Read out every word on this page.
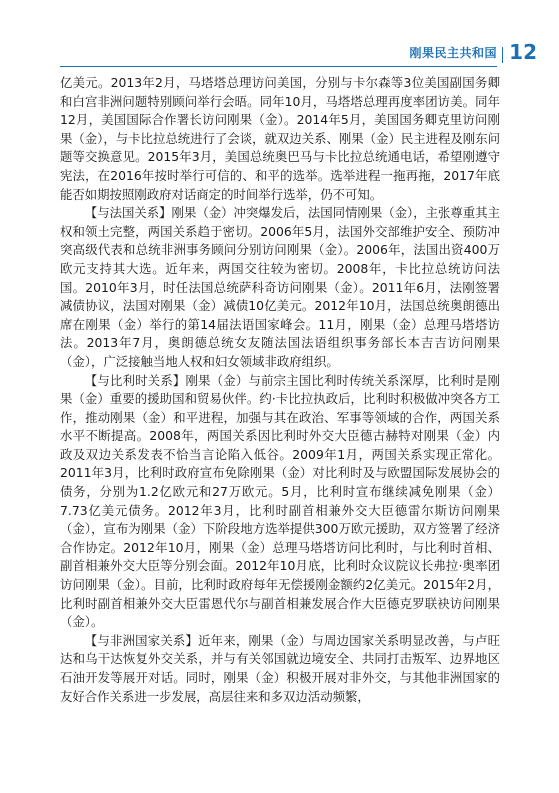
刚果民主共和国 12

亿美元。2013年2月，马塔塔总理访问美国，分别与卡尔森等3位美国副国务卿和白宫非洲问题特别顾问举行会晤。同年10月，马塔塔总理再度率团访美。同年12月，美国国际合作署长访问刚果（金）。2014年5月，美国国务卿克里访问刚果（金），与卡比拉总统进行了会谈，就双边关系、刚果（金）民主进程及刚东问题等交换意见。2015年3月，美国总统奥巴马与卡比拉总统通电话，希望刚遵守宪法，在2016年按时举行可信的、和平的选举。选举进程一拖再拖，2017年底能否如期按照刚政府对话商定的时间举行选举，仍不可知。

【与法国关系】刚果（金）冲突爆发后，法国同情刚果（金），主张尊重其主权和领土完整，两国关系趋于密切。2006年5月，法国外交部维护安全、预防冲突高级代表和总统非洲事务顾问分别访问刚果（金）。2006年，法国出资400万欧元支持其大选。近年来，两国交往较为密切。2008年，卡比拉总统访问法国。2010年3月，时任法国总统萨科奇访问刚果（金）。2011年6月，法刚签署减债协议，法国对刚果（金）减债10亿美元。2012年10月，法国总统奥朗德出席在刚果（金）举行的第14届法语国家峰会。11月，刚果（金）总理马塔塔访法。2013年7月，奥朗德总统女友随法国法语组织事务部长本吉吉访问刚果（金），广泛接触当地人权和妇女领域非政府组织。

【与比利时关系】刚果（金）与前宗主国比利时传统关系深厚，比利时是刚果（金）重要的援助国和贸易伙伴。约·卡比拉执政后，比利时积极做冲突各方工作，推动刚果（金）和平进程，加强与其在政治、军事等领域的合作，两国关系水平不断提高。2008年，两国关系因比利时外交大臣德古赫特对刚果（金）内政及双边关系发表不恰当言论陷入低谷。2009年1月，两国关系实现正常化。2011年3月，比利时政府宣布免除刚果（金）对比利时及与欧盟国际发展协会的债务，分别为1.2亿欧元和27万欧元。5月，比利时宣布继续减免刚果（金）7.73亿美元债务。2012年3月，比利时副首相兼外交大臣德雷尔斯访问刚果（金），宣布为刚果（金）下阶段地方选举提供300万欧元援助，双方签署了经济合作协定。2012年10月，刚果（金）总理马塔塔访问比利时，与比利时首相、副首相兼外交大臣等分别会面。2012年10月底，比利时众议院议长弗拉·奥率团访问刚果（金）。目前，比利时政府每年无偿援刚金额约2亿美元。2015年2月，比利时副首相兼外交大臣雷恩代尔与副首相兼发展合作大臣德克罗联袂访问刚果（金）。

【与非洲国家关系】近年来，刚果（金）与周边国家关系明显改善，与卢旺达和乌干达恢复外交关系，并与有关邻国就边境安全、共同打击叛军、边界地区石油开发等展开对话。同时，刚果（金）积极开展对非外交，与其他非洲国家的友好合作关系进一步发展，高层往来和多双边活动频繁，
